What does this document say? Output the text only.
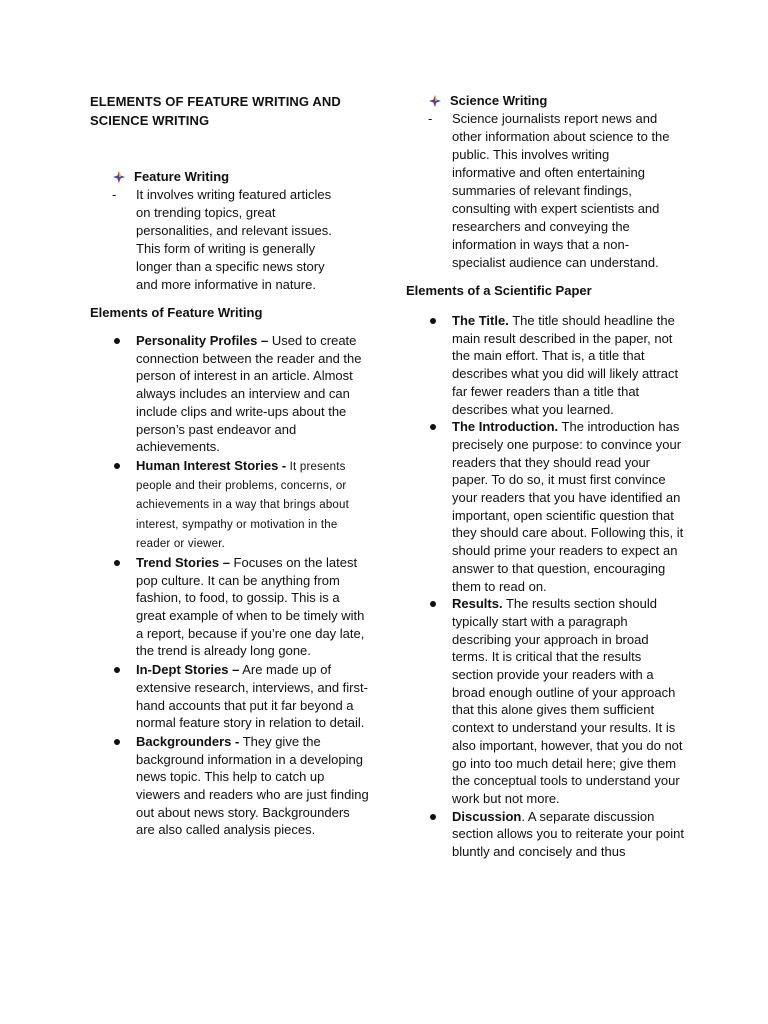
ELEMENTS OF FEATURE WRITING AND SCIENCE WRITING
Feature Writing
-	It involves writing featured articles on trending topics, great personalities, and relevant issues. This form of writing is generally longer than a specific news story and more informative in nature.

Elements of Feature Writing

Personality Profiles – Used to create connection between the reader and the person of interest in an article. Almost always includes an interview and can include clips and write-ups about the person’s past endeavor and achievements.
Human Interest Stories - It presents people and their problems, concerns, or achievements in a way that brings about interest, sympathy or motivation in the reader or viewer.
Trend Stories – Focuses on the latest pop culture. It can be anything from fashion, to food, to gossip. This is a great example of when to be timely with a report, because if you’re one day late, the trend is already long gone.
In-Dept Stories – Are made up of extensive research, interviews, and first-hand accounts that put it far beyond a normal feature story in relation to detail.
Backgrounders - They give the background information in a developing news topic. This help to catch up viewers and readers who are just finding out about news story. Backgrounders are also called analysis pieces.
Science Writing
-	Science journalists report news and other information about science to the public. This involves writing informative and often entertaining summaries of relevant findings, consulting with expert scientists and researchers and conveying the information in ways that a non-specialist audience can understand.

Elements of a Scientific Paper

The Title. The title should headline the main result described in the paper, not the main effort. That is, a title that describes what you did will likely attract far fewer readers than a title that describes what you learned.
The Introduction. The introduction has precisely one purpose: to convince your readers that they should read your paper. To do so, it must first convince your readers that you have identified an important, open scientific question that they should care about. Following this, it should prime your readers to expect an answer to that question, encouraging them to read on.
Results. The results section should typically start with a paragraph describing your approach in broad terms. It is critical that the results section provide your readers with a broad enough outline of your approach that this alone gives them sufficient context to understand your results. It is also important, however, that you do not go into too much detail here; give them the conceptual tools to understand your work but not more.
Discussion. A separate discussion section allows you to reiterate your point bluntly and concisely and thus
